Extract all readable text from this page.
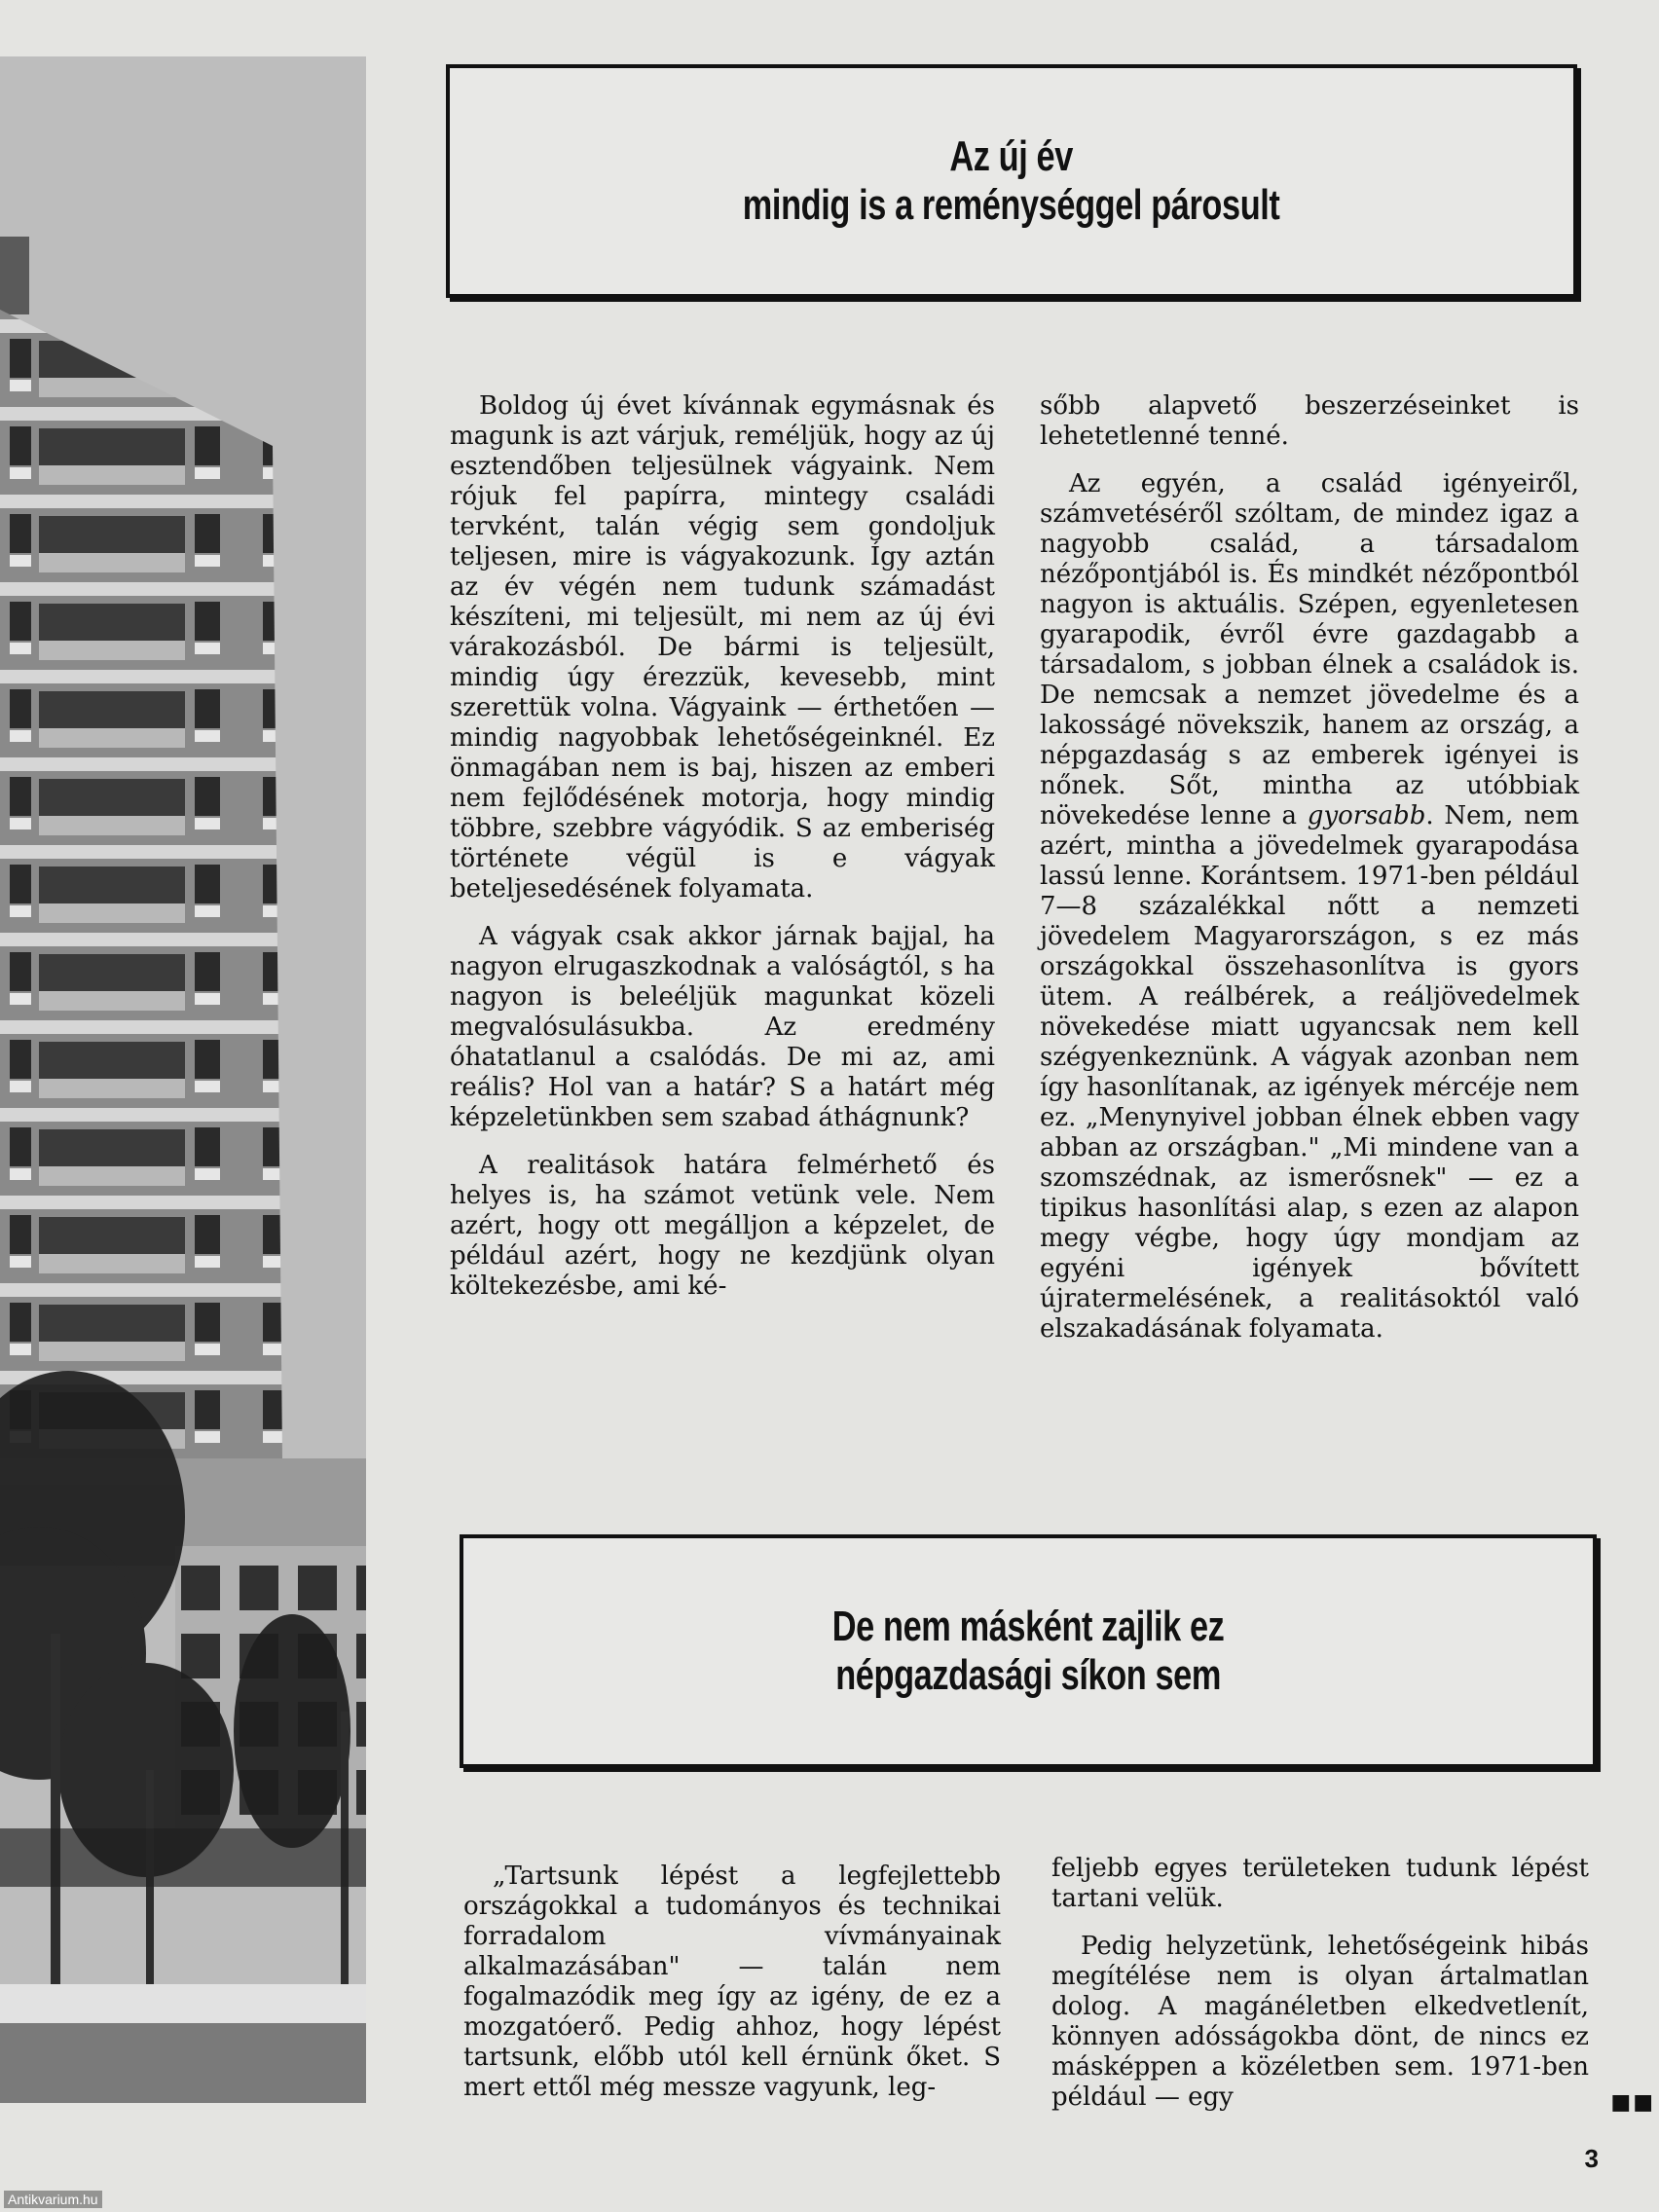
Az új év
mindig is a reménységgel párosult

Boldog új évet kívánnak egymásnak és magunk is azt várjuk, reméljük, hogy az új esztendőben teljesülnek vágyaink. Nem rójuk fel papírra, mintegy családi tervként, talán végig sem gondoljuk teljesen, mire is vágyakozunk. Így aztán az év végén nem tudunk számadást készíteni, mi teljesült, mi nem az új évi várakozásból. De bármi is teljesült, mindig úgy érezzük, kevesebb, mint szerettük volna. Vágyaink — érthetően — mindig nagyobbak lehetőségeinknél. Ez önmagában nem is baj, hiszen az emberi nem fejlődésének motorja, hogy mindig többre, szebbre vágyódik. S az emberiség története végül is e vágyak beteljesedésének folyamata.

A vágyak csak akkor járnak bajjal, ha nagyon elrugaszkodnak a valóságtól, s ha nagyon is beleéljük magunkat közeli megvalósulásukba. Az eredmény óhatatlanul a csalódás. De mi az, ami reális? Hol van a határ? S a határt még képzeletünkben sem szabad áthágnunk?

A realitások határa felmérhető és helyes is, ha számot vetünk vele. Nem azért, hogy ott megálljon a képzelet, de például azért, hogy ne kezdjünk olyan költekezésbe, ami ké-

sőbb alapvető beszerzéseinket is lehetetlenné tenné.

Az egyén, a család igényeiről, számvetéséről szóltam, de mindez igaz a nagyobb család, a társadalom nézőpontjából is. És mindkét nézőpontból nagyon is aktuális. Szépen, egyenletesen gyarapodik, évről évre gazdagabb a társadalom, s jobban élnek a családok is. De nemcsak a nemzet jövedelme és a lakosságé növekszik, hanem az ország, a népgazdaság s az emberek igényei is nőnek. Sőt, mintha az utóbbiak növekedése lenne a gyorsabb. Nem, nem azért, mintha a jövedelmek gyarapodása lassú lenne. Korántsem. 1971-ben például 7—8 százalékkal nőtt a nemzeti jövedelem Magyarországon, s ez más országokkal összehasonlítva is gyors ütem. A reálbérek, a reáljövedelmek növekedése miatt ugyancsak nem kell szégyenkeznünk. A vágyak azonban nem így hasonlítanak, az igények mércéje nem ez. „Menynyivel jobban élnek ebben vagy abban az országban." „Mi mindene van a szomszédnak, az ismerősnek" — ez a tipikus hasonlítási alap, s ezen az alapon megy végbe, hogy úgy mondjam az egyéni igények bővített újratermelésének, a realitásoktól való elszakadásának folyamata.

De nem másként zajlik ez
népgazdasági síkon sem

„Tartsunk lépést a legfejlettebb országokkal a tudományos és technikai forradalom vívmányainak alkalmazásában" — talán nem fogalmazódik meg így az igény, de ez a mozgatóerő. Pedig ahhoz, hogy lépést tartsunk, előbb utól kell érnünk őket. S mert ettől még messze vagyunk, leg-

feljebb egyes területeken tudunk lépést tartani velük.

Pedig helyzetünk, lehetőségeink hibás megítélése nem is olyan ártalmatlan dolog. A magánéletben elkedvetlenít, könnyen adósságokba dönt, de nincs ez másképpen a közéletben sem. 1971-ben például — egy	■■
3
Antikvarium.hu
